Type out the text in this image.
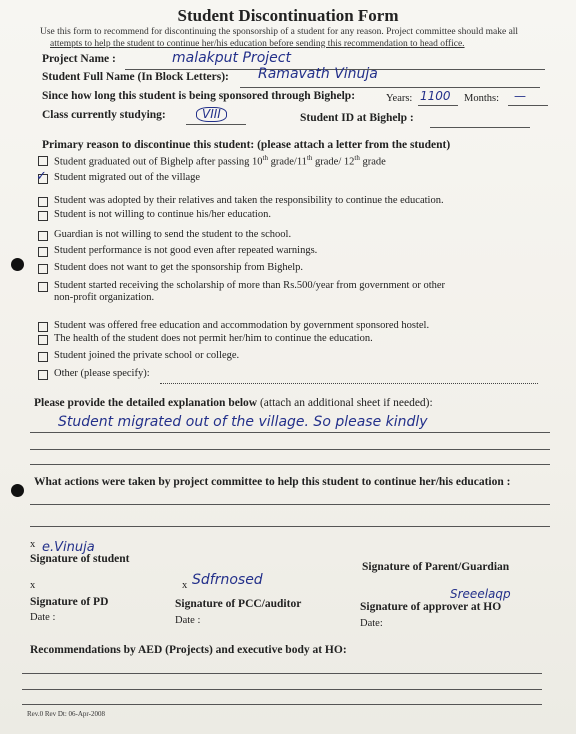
Student Discontinuation Form
Use this form to recommend for discontinuing the sponsorship of a student for any reason. Project committee should make all
attempts to help the student to continue her/his education before sending this recommendation to head office.
Project Name :	malakput Project
Student Full Name (In Block Letters): Ramavath Vinuja
Since how long this student is being sponsored through Bighelp:	Years: 1100 Months: —
Class currently studying:	VIII	Student ID at Bighelp :
Primary reason to discontinue this student: (please attach a letter from the student)
Student graduated out of Bighelp after passing 10th grade/11th grade/ 12th grade
✓ Student migrated out of the village
Student was adopted by their relatives and taken the responsibility to continue the education.
Student is not willing to continue his/her education.
Guardian is not willing to send the student to the school.
Student performance is not good even after repeated warnings.
Student does not want to get the sponsorship from Bighelp.
Student started receiving the scholarship of more than Rs.500/year from government or other
non-profit organization.
Student was offered free education and accommodation by government sponsored hostel.
The health of the student does not permit her/him to continue the education.
Student joined the private school or college.
Other (please specify):
Please provide the detailed explanation below (attach an additional sheet if needed):
Student migrated out of the village. So please kindly
What actions were taken by project committee to help this student to continue her/his education :
x e.Vinuja
Signature of student
Signature of Parent/Guardian
x	x Sdfrnosed
Sreeelaqp
Signature of PD	Signature of PCC/auditor	Signature of approver at HO
Date :	Date :	Date:
Recommendations by AED (Projects) and executive body at HO:
Rev.0 Rev Dt: 06-Apr-2008
